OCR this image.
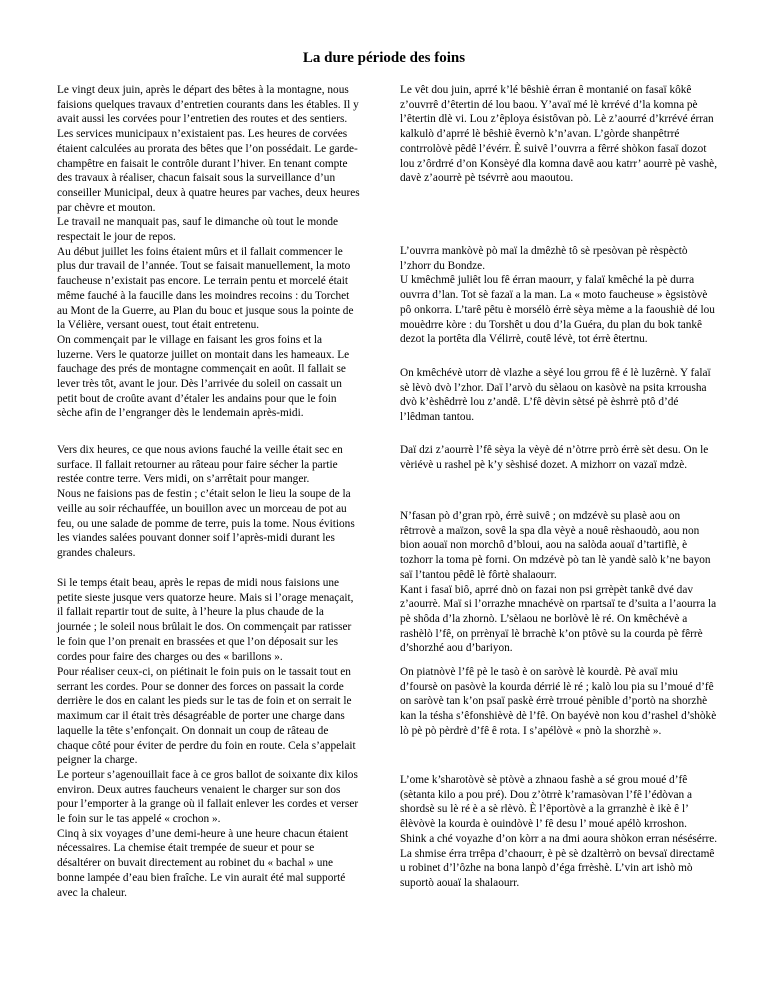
La dure période des foins

Le vingt deux juin, après le départ des bêtes à la montagne, nous faisions quelques travaux d’entretien courants dans les étables. Il y avait aussi les corvées pour l’entretien des routes et des sentiers. Les services municipaux n’existaient pas. Les heures de corvées étaient calculées au prorata des bêtes que l’on possédait. Le garde-champêtre en faisait le contrôle durant l’hiver. En tenant compte des travaux à réaliser, chacun faisait sous la surveillance d’un conseiller Municipal, deux à quatre heures par vaches, deux heures par chèvre et mouton.
Le travail ne manquait pas, sauf le dimanche où tout le monde respectait le jour de repos.
Au début juillet les foins étaient mûrs et il fallait commencer le plus dur travail de l’année. Tout se faisait manuellement, la moto faucheuse n’existait pas encore. Le terrain pentu et morcelé était même fauché à la faucille dans les moindres recoins : du Torchet au Mont de la Guerre, au Plan du bouc et jusque sous la pointe de la Vélière, versant ouest, tout était entretenu.
On commençait par le village en faisant les gros foins et la luzerne. Vers le quatorze juillet on montait dans les hameaux. Le fauchage des prés de montagne commençait en août. Il fallait se lever très tôt, avant le jour. Dès l’arrivée du soleil on cassait un petit bout de croûte avant d’étaler les andains pour que le foin sèche afin de l’engranger dès le lendemain après-midi.

Vers dix heures, ce que nous avions fauché la veille était sec en surface. Il fallait retourner au râteau pour faire sécher la partie restée contre terre. Vers midi, on s’arrêtait pour manger.
Nous ne faisions pas de festin ; c’était selon le lieu la soupe de la veille au soir réchauffée, un bouillon avec un morceau de pot au feu, ou une salade de pomme de terre, puis la tome. Nous évitions les viandes salées pouvant donner soif l’après-midi durant les grandes chaleurs.

Si le temps était beau, après le repas de midi nous faisions une petite sieste jusque vers quatorze heure. Mais si l’orage menaçait, il fallait repartir tout de suite, à l’heure la plus chaude de la journée ; le soleil nous brûlait le dos. On commençait par ratisser le foin que l’on prenait en brassées et que l’on déposait sur les cordes pour faire des charges ou des « barillons ».

Pour réaliser ceux-ci, on piétinait le foin puis on le tassait tout en serrant les cordes. Pour se donner des forces on passait la corde derrière le dos en calant les pieds sur le tas de foin et on serrait le maximum car il était très désagréable de porter une charge dans laquelle la tête s’enfonçait. On donnait un coup de râteau de chaque côté pour éviter de perdre du foin en route. Cela s’appelait peigner la charge.
Le porteur s’agenouillait face à ce gros ballot de soixante dix kilos environ. Deux autres faucheurs venaient le charger sur son dos pour l’emporter à la grange où il fallait enlever les cordes et verser le foin sur le tas appelé « crochon ».
Cinq à six voyages d’une demi-heure à une heure chacun étaient nécessaires. La chemise était trempée de sueur et pour se désaltérer on buvait directement au robinet du « bachal » une bonne lampée d’eau bien fraîche. Le vin aurait été mal supporté avec la chaleur.

Le vêt dou juin, aprré k’lé bêshiè érran ê montanié on fasaï kôkê z’ouvrrê d’êtertin dé lou baou. Y’avaï mé lè krrévé d’la komna pè l’êtertin dlè vi. Lou z’êploya ésistôvan pò. Lè z’aourré d’krrévé érran kalkulò d’aprré lè bêshiè êvernò k’n’avan. L’gòrde shanpêtrré contrrolòvè pêdê l’évérr. È suivê l’ouvrra a fêrré shòkon fasaï dozot lou z’ôrdrré d’on Konsèyé dla komna davê aou katrr’ aourrè pè vashè, davè z’aourrè pè tsévrrè aou maoutou.

L’ouvrra mankòvè pò maï la dmêzhè tô sè rpesòvan pè rèspèctò l’zhorr du Bondze.
U kmêchmê juliêt lou fê érran maourr, y falaï kmêché la pè durra ouvrra d’lan. Tot sè fazaï a la man. La « moto faucheuse » ègsistòvè pô onkorra. L’tarê pêtu è morsélò érrè sèya mème a la faoushiè dé lou mouèdrre kòre : du Torshêt u dou d’la Guéra, du plan du bok tankê dezot la portêta dla Vélirrè, coutê lévè, tot érrè êtertnu.

On kmêchévè utorr dè vlazhe a sèyé lou grrou fê é lè luzêrnè. Y falaï sè lèvò dvò l’zhor. Daï l’arvò du sèlaou on kasòvè na psita krrousha dvò k’èshêdrrè lou z’andê. L’fê dèvin sètsé pè èshrrè ptô d’dé l’lêdman tantou.

Daï dzi z’aourrè l’fê sèya la vèyè dé n’òtrre prrò érrè sèt desu. On le vèriévè u rashel pè k’y sèshisé dozet. A mizhorr on vazaï mdzè.

N’fasan pò d’gran rpò, érrè suivê ; on mdzévè su plasè aou on rêtrrovè a maïzon, sovê la spa dla vèyè a nouê rèshaoudò, aou non bion aouaï non morchô d’bloui, aou na salòda aouaï d’tartiflè, è tozhorr la toma pè forni. On mdzévè pò tan lè yandè salò k’ne bayon saï l’tantou pêdê lè fôrtè shalaourr.
Kant i fasaï biô, aprré dnò on fazai non psi grrèpèt tankê dvé dav z’aourrè. Maï si l’orrazhe mnachévè on rpartsaï te d’suita a l’aourra la pè shôda d’la zhornò. L’sèlaou ne borlòvè lè ré. On kmêchévè a rashèlò l’fê, on prrènyaï lè brrachè k’on ptôvè su la courda pè fêrrè d’shorzhé aou d’bariyon.

On piatnòvè l’fê pè le tasò è on saròvè lè kourdè. Pè avaï miu d’foursè on pasòvè la kourda dérrié lè ré ; kalò lou pia su l’moué d’fê on saròvè tan k’on psaï paskè érrè trroué pènible d’portò na shorzhè kan la tésha s’êfonshièvè dè l’fê. On bayévè non kou d’rashel d’shòkè lò pè pò pèrdrè d’fê ê rota. I s’apélòvè « pnò la shorzhè ».

L’ome k’sharotòvè sè ptòvè a zhnaou fashè a sé grou moué d’fê (sètanta kilo a pou pré). Dou z’òtrrè k’ramasòvan l’fê l’édòvan a shordsè su lè ré è a sè rlèvò. È l’êportòvè a la grranzhè è ikè ê l’ êlèvòvè la kourda è ouindòvè l’ fê desu l’ moué apélò krroshon.
Shink a ché voyazhe d’on kòrr a na dmi aoura shòkon erran nésésérre. La shmise érra trrêpa d’chaourr, è pè sè dzaltèrrò on bevsaï directamê u robinet d’l’ôzhe na bona lanpò d’éga frrèshè. L’vin art ishò mò suportò aouaï la shalaourr.
